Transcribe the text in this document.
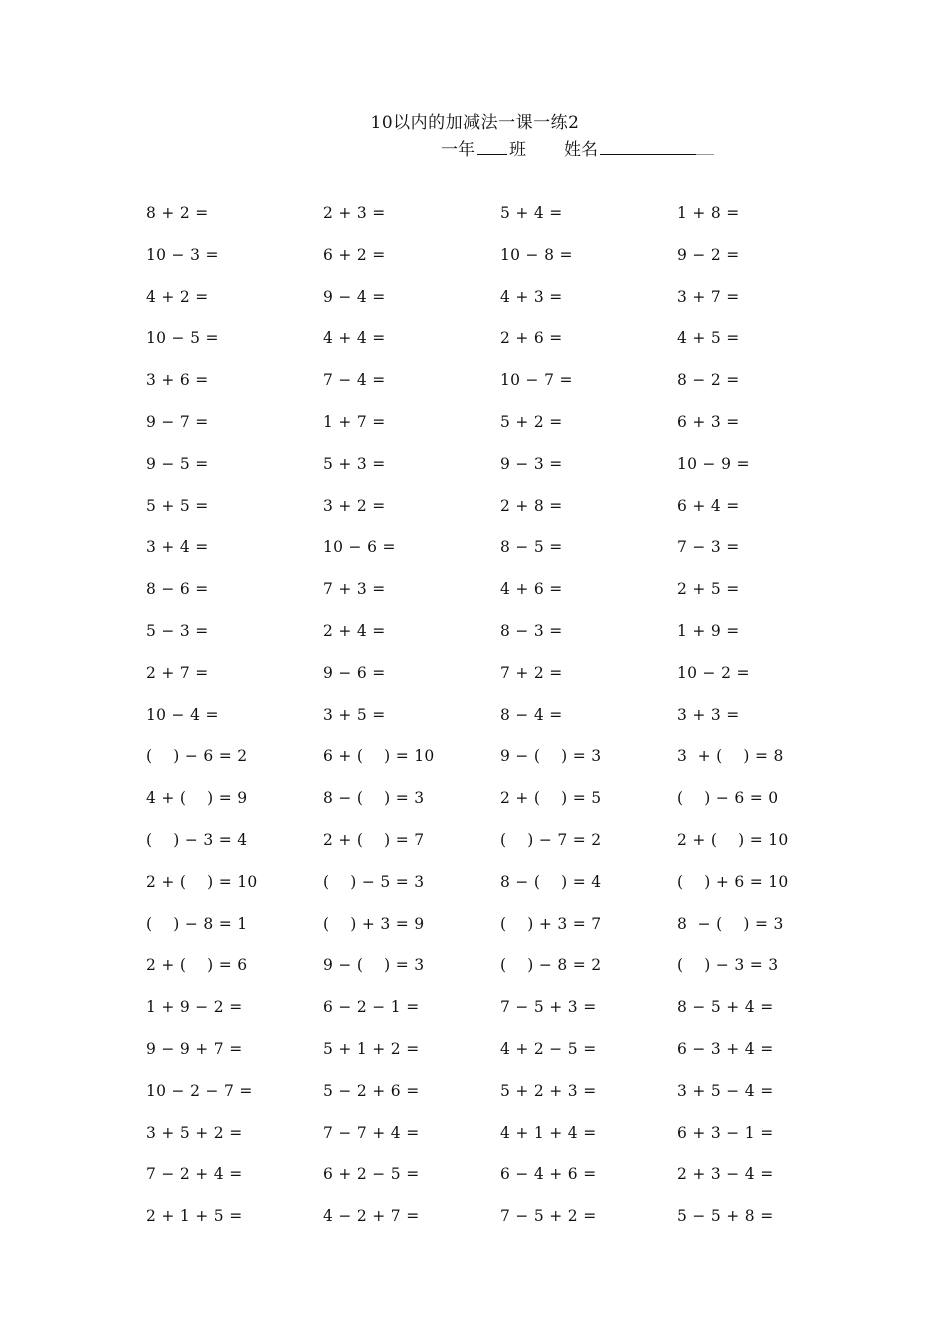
10以内的加减法一课一练2
一年 班 姓名
8 + 2 =	2 + 3 =	5 + 4 =	1 + 8 =
10 − 3 =	6 + 2 =	10 − 8 =	9 − 2 =
4 + 2 =	9 − 4 =	4 + 3 =	3 + 7 =
10 − 5 =	4 + 4 =	2 + 6 =	4 + 5 =
3 + 6 =	7 − 4 =	10 − 7 =	8 − 2 =
9 − 7 =	1 + 7 =	5 + 2 =	6 + 3 =
9 − 5 =	5 + 3 =	9 − 3 =	10 − 9 =
5 + 5 =	3 + 2 =	2 + 8 =	6 + 4 =
3 + 4 =	10 − 6 =	8 − 5 =	7 − 3 =
8 − 6 =	7 + 3 =	4 + 6 =	2 + 5 =
5 − 3 =	2 + 4 =	8 − 3 =	1 + 9 =
2 + 7 =	9 − 6 =	7 + 2 =	10 − 2 =
10 − 4 =	3 + 5 =	8 − 4 =	3 + 3 =
(    ) − 6 = 2	6 + (    ) = 10	9 − (    ) = 3	3  + (    ) = 8
4 + (    ) = 9	8 − (    ) = 3	2 + (    ) = 5	(    ) − 6 = 0
(    ) − 3 = 4	2 + (    ) = 7	(    ) − 7 = 2	2 + (    ) = 10
2 + (    ) = 10	(    ) − 5 = 3	8 − (    ) = 4	(    ) + 6 = 10
(    ) − 8 = 1	(    ) + 3 = 9	(    ) + 3 = 7	8  − (    ) = 3
2 + (    ) = 6	9 − (    ) = 3	(    ) − 8 = 2	(    ) − 3 = 3
1 + 9 − 2 =	6 − 2 − 1 =	7 − 5 + 3 =	8 − 5 + 4 =
9 − 9 + 7 =	5 + 1 + 2 =	4 + 2 − 5 =	6 − 3 + 4 =
10 − 2 − 7 =	5 − 2 + 6 =	5 + 2 + 3 =	3 + 5 − 4 =
3 + 5 + 2 =	7 − 7 + 4 =	4 + 1 + 4 =	6 + 3 − 1 =
7 − 2 + 4 =	6 + 2 − 5 =	6 − 4 + 6 =	2 + 3 − 4 =
2 + 1 + 5 =	4 − 2 + 7 =	7 − 5 + 2 =	5 − 5 + 8 =
